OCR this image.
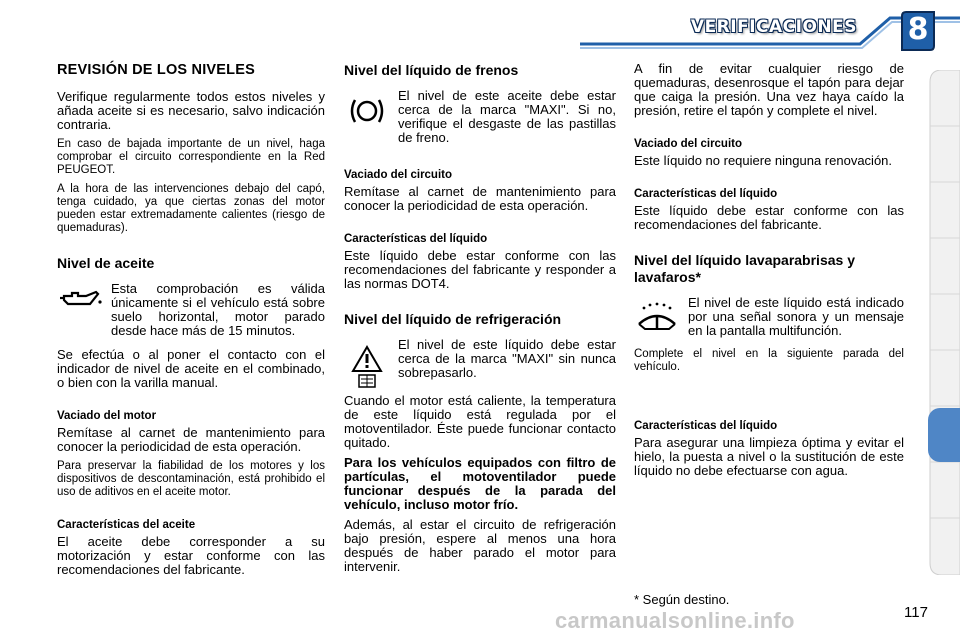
VERIFICACIONES	8
REVISIÓN DE LOS NIVELES

Verifique regularmente todos estos niveles y añada aceite si es necesario, salvo indicación contraria.

En caso de bajada importante de un nivel, haga comprobar el circuito correspondiente en la Red PEUGEOT.

A la hora de las intervenciones debajo del capó, tenga cuidado, ya que ciertas zonas del motor pueden estar extremadamente calientes (riesgo de quemaduras).

Nivel de aceite

Esta comprobación es válida únicamente si el vehículo está sobre suelo horizontal, motor parado desde hace más de 15 minutos.

Se efectúa o al poner el contacto con el indicador de nivel de aceite en el combinado, o bien con la varilla manual.

Vaciado del motor

Remítase al carnet de mantenimiento para conocer la periodicidad de esta operación.

Para preservar la fiabilidad de los motores y los dispositivos de descontaminación, está prohibido el uso de aditivos en el aceite motor.

Características del aceite

El aceite debe corresponder a su motorización y estar conforme con las recomendaciones del fabricante.

Nivel del líquido de frenos

El nivel de este aceite debe estar cerca de la marca "MAXI". Si no, verifique el desgaste de las pastillas de freno.

Vaciado del circuito

Remítase al carnet de mantenimiento para conocer la periodicidad de esta operación.

Características del líquido

Este líquido debe estar conforme con las recomendaciones del fabricante y responder a las normas DOT4.

Nivel del líquido de refrigeración

El nivel de este líquido debe estar cerca de la marca "MAXI" sin nunca sobrepasarlo.

Cuando el motor está caliente, la temperatura de este líquido está regulada por el motoventilador. Éste puede funcionar contacto quitado.

Para los vehículos equipados con filtro de partículas, el motoventilador puede funcionar después de la parada del vehículo, incluso motor frío.

Además, al estar el circuito de refrigeración bajo presión, espere al menos una hora después de haber parado el motor para intervenir.

A fin de evitar cualquier riesgo de quemaduras, desenrosque el tapón para dejar que caiga la presión. Una vez haya caído la presión, retire el tapón y complete el nivel.

Vaciado del circuito

Este líquido no requiere ninguna renovación.

Características del líquido

Este líquido debe estar conforme con las recomendaciones del fabricante.

Nivel del líquido lavaparabrisas y lavafaros*

El nivel de este líquido está indicado por una señal sonora y un mensaje en la pantalla multifunción.

Complete el nivel en la siguiente parada del vehículo.

Características del líquido

Para asegurar una limpieza óptima y evitar el hielo, la puesta a nivel o la sustitución de este líquido no debe efectuarse con agua.

* Según destino.
carmanualsonline.info	117
